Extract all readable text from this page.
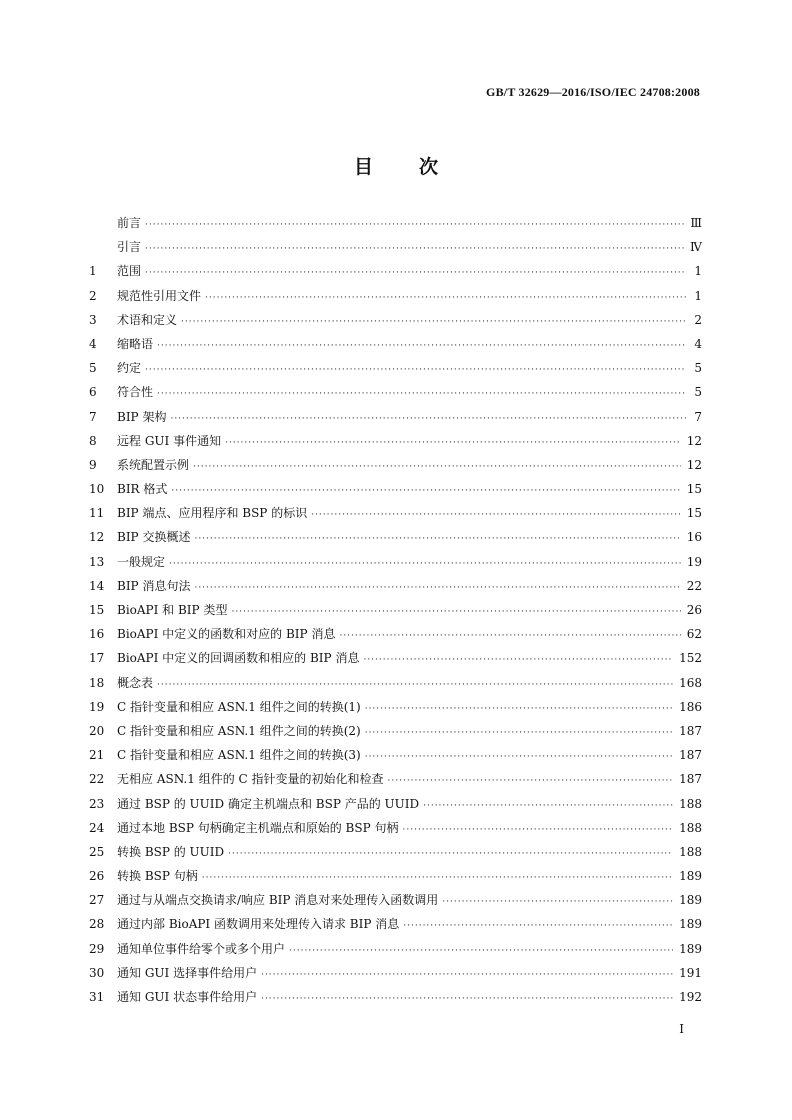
GB/T 32629—2016/ISO/IEC 24708:2008
目 次
前言 ·····	Ⅲ
引言 ·····	Ⅳ
1	范围 ·····	1
2	规范性引用文件 ·····	1
3	术语和定义 ·····	2
4	缩略语 ·····	4
5	约定 ·····	5
6	符合性 ·····	5
7	BIP 架构 ·····	7
8	远程 GUI 事件通知 ·····	12
9	系统配置示例 ·····	12
10	BIR 格式 ·····	15
11	BIP 端点、应用程序和 BSP 的标识 ·····	15
12	BIP 交换概述 ·····	16
13	一般规定 ·····	19
14	BIP 消息句法 ·····	22
15	BioAPI 和 BIP 类型 ·····	26
16	BioAPI 中定义的函数和对应的 BIP 消息 ·····	62
17	BioAPI 中定义的回调函数和相应的 BIP 消息 ·····	152
18	概念表 ·····	168
19	C 指针变量和相应 ASN.1 组件之间的转换(1) ·····	186
20	C 指针变量和相应 ASN.1 组件之间的转换(2) ·····	187
21	C 指针变量和相应 ASN.1 组件之间的转换(3) ·····	187
22	无相应 ASN.1 组件的 C 指针变量的初始化和检查 ·····	187
23	通过 BSP 的 UUID 确定主机端点和 BSP 产品的 UUID ·····	188
24	通过本地 BSP 句柄确定主机端点和原始的 BSP 句柄 ·····	188
25	转换 BSP 的 UUID ·····	188
26	转换 BSP 句柄 ·····	189
27	通过与从端点交换请求/响应 BIP 消息对来处理传入函数调用 ·····	189
28	通过内部 BioAPI 函数调用来处理传入请求 BIP 消息 ·····	189
29	通知单位事件给零个或多个用户 ·····	189
30	通知 GUI 选择事件给用户 ·····	191
31	通知 GUI 状态事件给用户 ·····	192
Ⅰ
